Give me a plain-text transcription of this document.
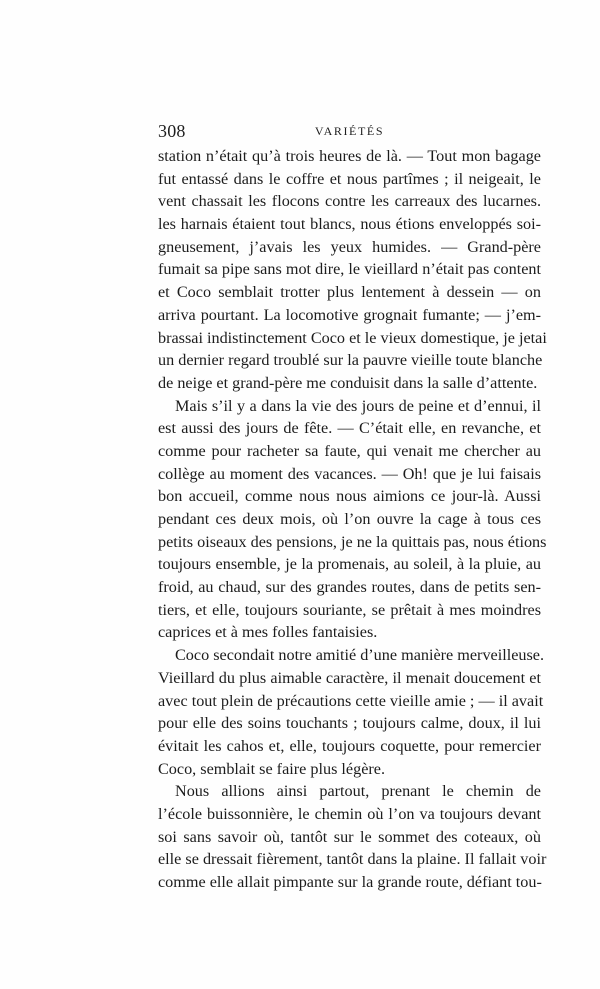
308	VARIÉTÉS

station n’était qu’à trois heures de là. — Tout mon bagage
fut entassé dans le coffre et nous partîmes ; il neigeait, le
vent chassait les flocons contre les carreaux des lucarnes.
les harnais étaient tout blancs, nous étions enveloppés soi-
gneusement, j’avais les yeux humides. — Grand-père
fumait sa pipe sans mot dire, le vieillard n’était pas content
et Coco semblait trotter plus lentement à dessein — on
arriva pourtant. La locomotive grognait fumante; — j’em-
brassai indistinctement Coco et le vieux domestique, je jetai
un dernier regard troublé sur la pauvre vieille toute blanche
de neige et grand-père me conduisit dans la salle d’attente.

Mais s’il y a dans la vie des jours de peine et d’ennui, il
est aussi des jours de fête. — C’était elle, en revanche, et
comme pour racheter sa faute, qui venait me chercher au
collège au moment des vacances. — Oh! que je lui faisais
bon accueil, comme nous nous aimions ce jour-là. Aussi
pendant ces deux mois, où l’on ouvre la cage à tous ces
petits oiseaux des pensions, je ne la quittais pas, nous étions
toujours ensemble, je la promenais, au soleil, à la pluie, au
froid, au chaud, sur des grandes routes, dans de petits sen-
tiers, et elle, toujours souriante, se prêtait à mes moindres
caprices et à mes folles fantaisies.

Coco secondait notre amitié d’une manière merveilleuse.
Vieillard du plus aimable caractère, il menait doucement et
avec tout plein de précautions cette vieille amie ; — il avait
pour elle des soins touchants ; toujours calme, doux, il lui
évitait les cahos et, elle, toujours coquette, pour remercier
Coco, semblait se faire plus légère.

Nous allions ainsi partout, prenant le chemin de
l’école buissonnière, le chemin où l’on va toujours devant
soi sans savoir où, tantôt sur le sommet des coteaux, où
elle se dressait fièrement, tantôt dans la plaine. Il fallait voir
comme elle allait pimpante sur la grande route, défiant tou-
